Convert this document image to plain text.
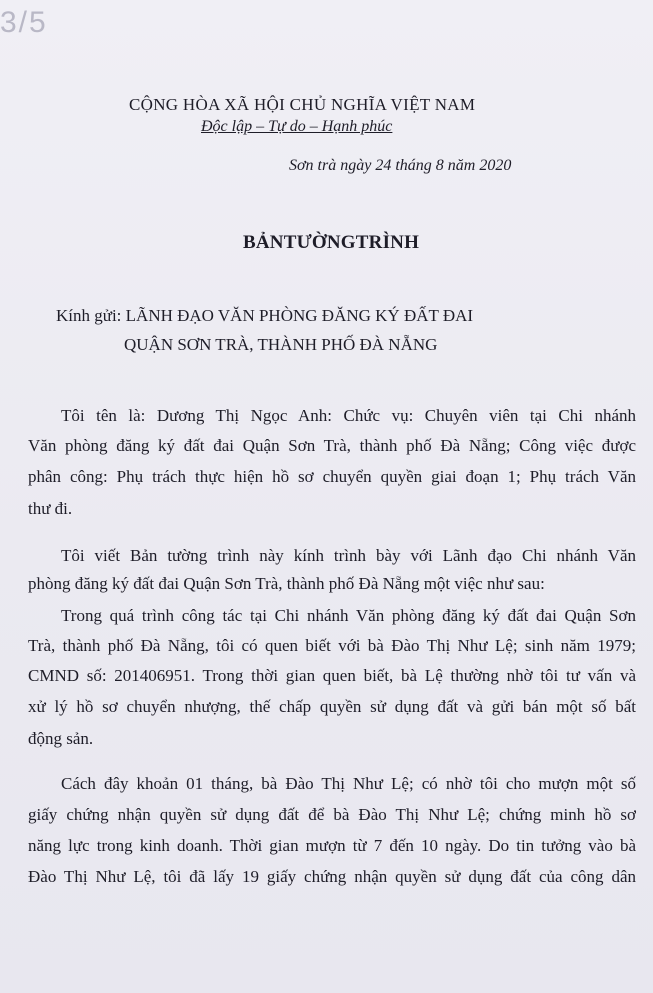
3/5
CỘNG HÒA XÃ HỘI CHỦ NGHĨA VIỆT NAM
Độc lập – Tự do – Hạnh phúc
Sơn trà ngày 24 tháng 8 năm 2020
BẢNTƯỜNGTRÌNH
Kính gửi: LÃNH ĐẠO VĂN PHÒNG ĐĂNG KÝ ĐẤT ĐAI
QUẬN SƠN TRÀ, THÀNH PHỐ ĐÀ NẴNG
Tôi tên là: Dương Thị Ngọc Anh: Chức vụ: Chuyên viên tại Chi nhánh
Văn phòng đăng ký đất đai Quận Sơn Trà, thành phố Đà Nẵng; Công việc được
phân công: Phụ trách thực hiện hồ sơ chuyển quyền giai đoạn 1; Phụ trách Văn
thư đi.
Tôi viết Bản tường trình này kính trình bày với Lãnh đạo Chi nhánh Văn
phòng đăng ký đất đai Quận Sơn Trà, thành phố Đà Nẵng một việc như sau:
Trong quá trình công tác tại Chi nhánh Văn phòng đăng ký đất đai Quận Sơn
Trà, thành phố Đà Nẵng, tôi có quen biết với bà Đào Thị Như Lệ; sinh năm 1979;
CMND số: 201406951. Trong thời gian quen biết, bà Lệ thường nhờ tôi tư vấn và
xử lý hồ sơ chuyển nhượng, thế chấp quyền sử dụng đất và gửi bán một số bất
động sản.
Cách đây khoản 01 tháng, bà Đào Thị Như Lệ; có nhờ tôi cho mượn một số
giấy chứng nhận quyền sử dụng đất để bà Đào Thị Như Lệ; chứng minh hồ sơ
năng lực trong kinh doanh. Thời gian mượn từ 7 đến 10 ngày. Do tin tưởng vào bà
Đào Thị Như Lệ, tôi đã lấy 19 giấy chứng nhận quyền sử dụng đất của công dân
